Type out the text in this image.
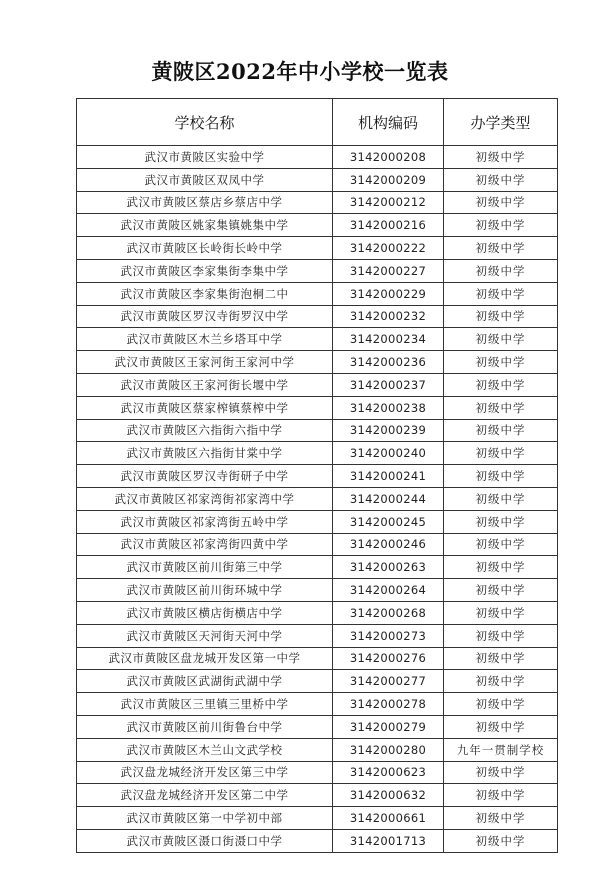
黄陂区2022年中小学校一览表
学校名称	机构编码	办学类型
武汉市黄陂区实验中学	3142000208	初级中学
武汉市黄陂区双凤中学	3142000209	初级中学
武汉市黄陂区蔡店乡蔡店中学	3142000212	初级中学
武汉市黄陂区姚家集镇姚集中学	3142000216	初级中学
武汉市黄陂区长岭街长岭中学	3142000222	初级中学
武汉市黄陂区李家集街李集中学	3142000227	初级中学
武汉市黄陂区李家集街泡桐二中	3142000229	初级中学
武汉市黄陂区罗汉寺街罗汉中学	3142000232	初级中学
武汉市黄陂区木兰乡塔耳中学	3142000234	初级中学
武汉市黄陂区王家河街王家河中学	3142000236	初级中学
武汉市黄陂区王家河街长堰中学	3142000237	初级中学
武汉市黄陂区蔡家榨镇蔡榨中学	3142000238	初级中学
武汉市黄陂区六指街六指中学	3142000239	初级中学
武汉市黄陂区六指街甘棠中学	3142000240	初级中学
武汉市黄陂区罗汉寺街研子中学	3142000241	初级中学
武汉市黄陂区祁家湾街祁家湾中学	3142000244	初级中学
武汉市黄陂区祁家湾街五岭中学	3142000245	初级中学
武汉市黄陂区祁家湾街四黄中学	3142000246	初级中学
武汉市黄陂区前川街第三中学	3142000263	初级中学
武汉市黄陂区前川街环城中学	3142000264	初级中学
武汉市黄陂区横店街横店中学	3142000268	初级中学
武汉市黄陂区天河街天河中学	3142000273	初级中学
武汉市黄陂区盘龙城开发区第一中学	3142000276	初级中学
武汉市黄陂区武湖街武湖中学	3142000277	初级中学
武汉市黄陂区三里镇三里桥中学	3142000278	初级中学
武汉市黄陂区前川街鲁台中学	3142000279	初级中学
武汉市黄陂区木兰山文武学校	3142000280	九年一贯制学校
武汉盘龙城经济开发区第三中学	3142000623	初级中学
武汉盘龙城经济开发区第二中学	3142000632	初级中学
武汉市黄陂区第一中学初中部	3142000661	初级中学
武汉市黄陂区滠口街滠口中学	3142001713	初级中学
